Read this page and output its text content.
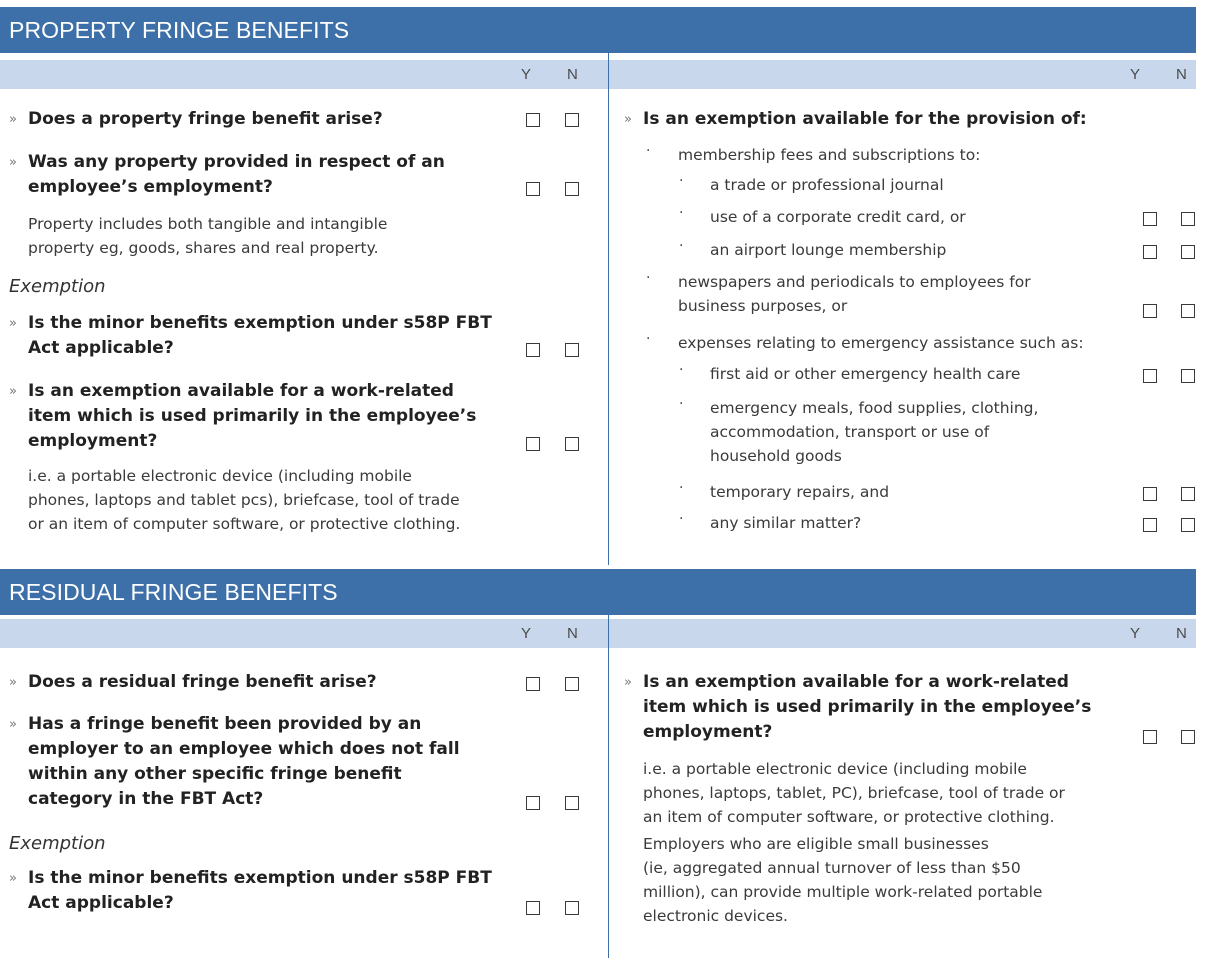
PROPERTY FRINGE BENEFITS
Y N	Y N
» Does a property fringe benefit arise?
» Was any property provided in respect of an
employee’s employment?
Property includes both tangible and intangible
property eg, goods, shares and real property.
Exemption
» Is the minor benefits exemption under s58P FBT
Act applicable?
» Is an exemption available for a work-related
item which is used primarily in the employee’s
employment?
i.e. a portable electronic device (including mobile
phones, laptops and tablet pcs), briefcase, tool of trade
or an item of computer software, or protective clothing.
» Is an exemption available for the provision of:
· membership fees and subscriptions to:
· a trade or professional journal
· use of a corporate credit card, or
· an airport lounge membership
· newspapers and periodicals to employees for
business purposes, or
· expenses relating to emergency assistance such as:
· first aid or other emergency health care
· emergency meals, food supplies, clothing,
accommodation, transport or use of
household goods
· temporary repairs, and
· any similar matter?
RESIDUAL FRINGE BENEFITS
Y N	Y N
» Does a residual fringe benefit arise?
» Has a fringe benefit been provided by an
employer to an employee which does not fall
within any other specific fringe benefit
category in the FBT Act?
Exemption
» Is the minor benefits exemption under s58P FBT
Act applicable?
» Is an exemption available for a work-related
item which is used primarily in the employee’s
employment?
i.e. a portable electronic device (including mobile
phones, laptops, tablet, PC), briefcase, tool of trade or
an item of computer software, or protective clothing.
Employers who are eligible small businesses
(ie, aggregated annual turnover of less than $50
million), can provide multiple work-related portable
electronic devices.
